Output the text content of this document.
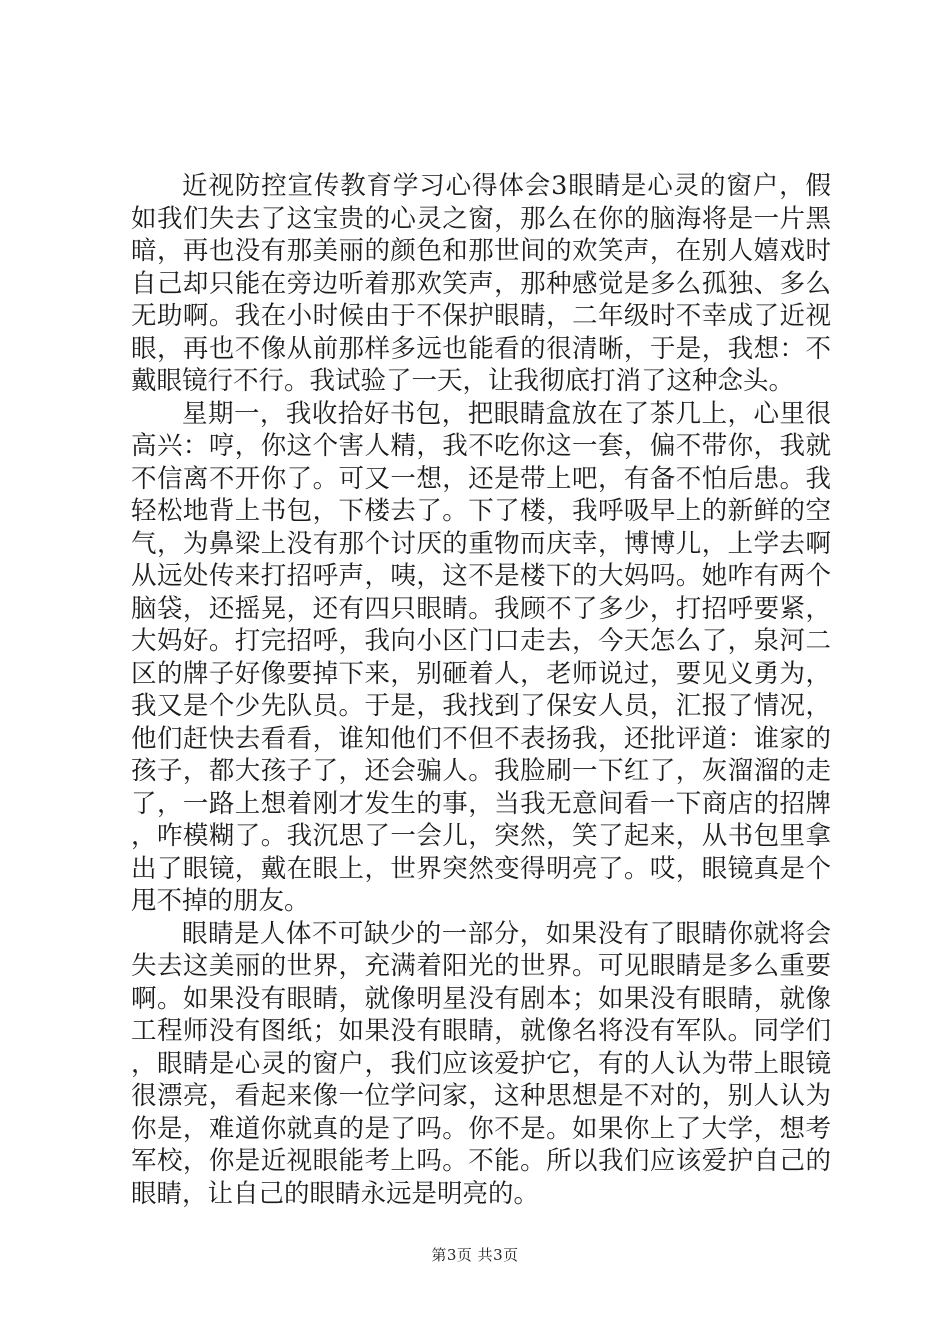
近视防控宣传教育学习心得体会3眼睛是心灵的窗户，假如我们失去了这宝贵的心灵之窗，那么在你的脑海将是一片黑暗，再也没有那美丽的颜色和那世间的欢笑声，在别人嬉戏时自己却只能在旁边听着那欢笑声，那种感觉是多么孤独、多么无助啊。我在小时候由于不保护眼睛，二年级时不幸成了近视眼，再也不像从前那样多远也能看的很清晰，于是，我想：不戴眼镜行不行。我试验了一天，让我彻底打消了这种念头。

星期一，我收拾好书包，把眼睛盒放在了茶几上，心里很高兴：哼，你这个害人精，我不吃你这一套，偏不带你，我就不信离不开你了。可又一想，还是带上吧，有备不怕后患。我轻松地背上书包，下楼去了。下了楼，我呼吸早上的新鲜的空气，为鼻梁上没有那个讨厌的重物而庆幸，博博儿，上学去啊从远处传来打招呼声，咦，这不是楼下的大妈吗。她咋有两个脑袋，还摇晃，还有四只眼睛。我顾不了多少，打招呼要紧，大妈好。打完招呼，我向小区门口走去，今天怎么了，泉河二区的牌子好像要掉下来，别砸着人，老师说过，要见义勇为，我又是个少先队员。于是，我找到了保安人员，汇报了情况，他们赶快去看看，谁知他们不但不表扬我，还批评道：谁家的孩子，都大孩子了，还会骗人。我脸刷一下红了，灰溜溜的走了，一路上想着刚才发生的事，当我无意间看一下商店的招牌，咋模糊了。我沉思了一会儿，突然，笑了起来，从书包里拿出了眼镜，戴在眼上，世界突然变得明亮了。哎，眼镜真是个甩不掉的朋友。

眼睛是人体不可缺少的一部分，如果没有了眼睛你就将会失去这美丽的世界，充满着阳光的世界。可见眼睛是多么重要啊。如果没有眼睛，就像明星没有剧本；如果没有眼睛，就像工程师没有图纸；如果没有眼睛，就像名将没有军队。同学们，眼睛是心灵的窗户，我们应该爱护它，有的人认为带上眼镜很漂亮，看起来像一位学问家，这种思想是不对的，别人认为你是，难道你就真的是了吗。你不是。如果你上了大学，想考军校，你是近视眼能考上吗。不能。所以我们应该爱护自己的眼睛，让自己的眼睛永远是明亮的。

第3页 共3页
